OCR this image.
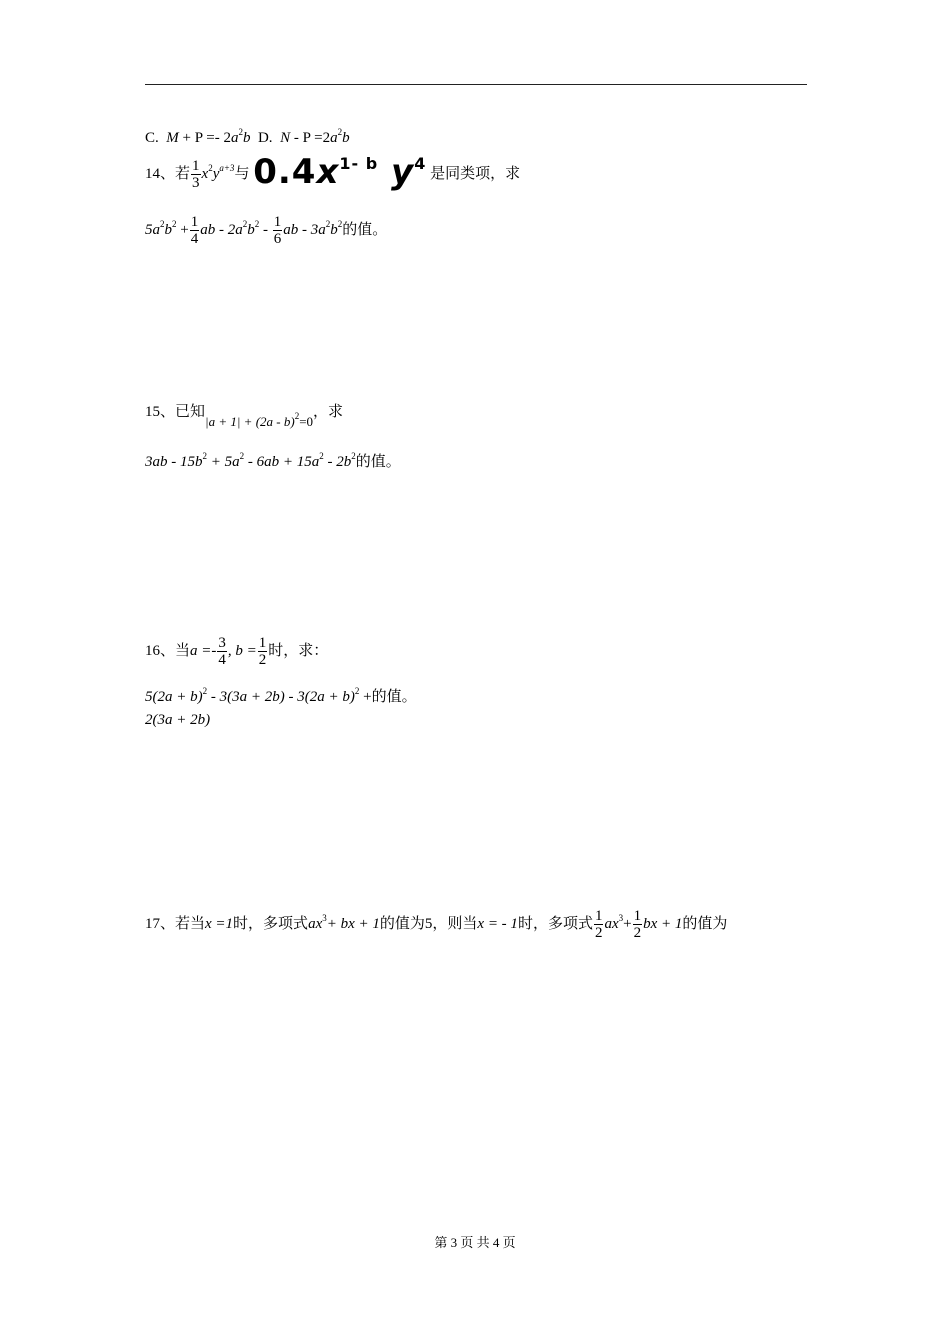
C. $M + P =- 2a^2b$ D. $N - P =2a^2b$
14、若 $\frac{1}{3} x^2y^{a+3}$与 $0.4x^{1- b}$ $y^4$ 是同类项，求
$5a^2b^2 + \frac{1}{4}$ ab - $2a^2b^2 - \frac{1}{6}$ ab - $3a^2b^2$的值。
15、已知|a + 1| + (2a - b)$^2$=0，求
$3ab - 15b^2 + 5a^2 - 6ab + 15a^2 - 2b^2$的值。
16、当$a =- \frac{3}{4}$ , $b = \frac{1}{2}$ 时，求：
$5(2a + b)^2 - 3(3a + 2b) - 3(2a + b)^2$ +的值。
2(3a + 2b)
17、若当x =1时，多项式$ax^3+$ bx + 1的值为5，则当x = - 1时，多项式 $\frac{1}{2} ax^3+ \frac{1}{2}$ bx + 1的值为
第 3 页 共 4 页
